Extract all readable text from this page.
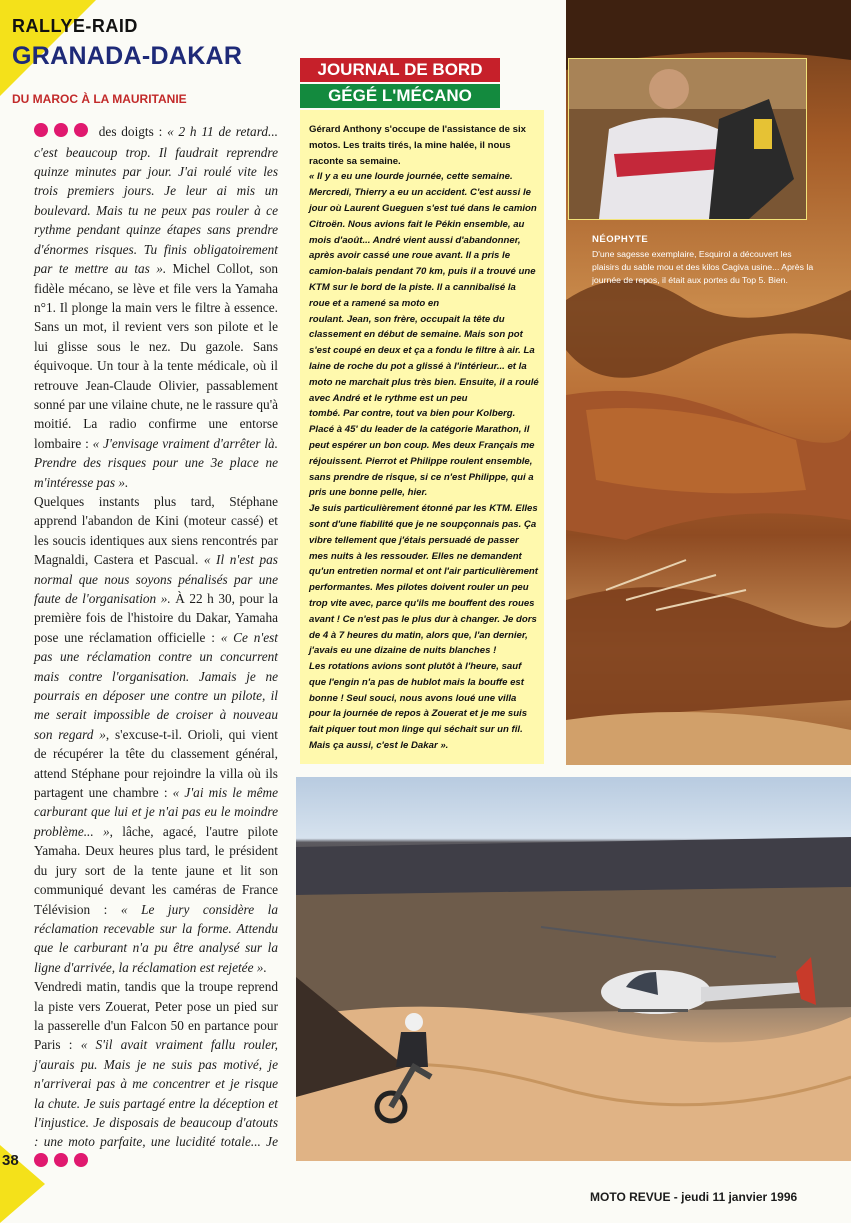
RALLYE-RAID
GRANADA-DAKAR
DU MAROC À LA MAURITANIE

des doigts : « 2 h 11 de retard... c'est beaucoup trop. Il faudrait reprendre quinze minutes par jour. J'ai roulé vite les trois premiers jours. Je leur ai mis un boulevard. Mais tu ne peux pas rouler à ce rythme pendant quinze étapes sans prendre d'énormes risques. Tu finis obligatoirement par te mettre au tas ». Michel Collot, son fidèle mécano, se lève et file vers la Yamaha n°1. Il plonge la main vers le filtre à essence. Sans un mot, il revient vers son pilote et le lui glisse sous le nez. Du gazole. Sans équivoque. Un tour à la tente médicale, où il retrouve Jean-Claude Olivier, passablement sonné par une vilaine chute, ne le rassure qu'à moitié. La radio confirme une entorse lombaire : « J'envisage vraiment d'arrêter là. Prendre des risques pour une 3e place ne m'intéresse pas ».

Quelques instants plus tard, Stéphane apprend l'abandon de Kini (moteur cassé) et les soucis identiques aux siens rencontrés par Magnaldi, Castera et Pascual. « Il n'est pas normal que nous soyons pénalisés par une faute de l'organisation ». À 22 h 30, pour la première fois de l'histoire du Dakar, Yamaha pose une réclamation officielle : « Ce n'est pas une réclamation contre un concurrent mais contre l'organisation. Jamais je ne pourrais en déposer une contre un pilote, il me serait impossible de croiser à nouveau son regard », s'excuse-t-il. Orioli, qui vient de récupérer la tête du classement général, attend Stéphane pour rejoindre la villa où ils partagent une chambre : « J'ai mis le même carburant que lui et je n'ai pas eu le moindre problème... », lâche, agacé, l'autre pilote Yamaha. Deux heures plus tard, le président du jury sort de la tente jaune et lit son communiqué devant les caméras de France Télévision : « Le jury considère la réclamation recevable sur la forme. Attendu que le carburant n'a pu être analysé sur la ligne d'arrivée, la réclamation est rejetée ».

Vendredi matin, tandis que la troupe reprend la piste vers Zouerat, Peter pose un pied sur la passerelle d'un Falcon 50 en partance pour Paris : « S'il avait vraiment fallu rouler, j'aurais pu. Mais je ne suis pas motivé, je n'arriverai pas à me concentrer et je risque la chute. Je suis partagé entre la déception et l'injustice. Je disposais de beaucoup d'atouts : une moto parfaite, une lucidité totale... Je

JOURNAL DE BORD
GÉGÉ L'MÉCANO

Gérard Anthony s'occupe de l'assistance de six motos. Les traits tirés, la mine halée, il nous raconte sa semaine.

« Il y a eu une lourde journée, cette semaine. Mercredi, Thierry a eu un accident. C'est aussi le jour où Laurent Gueguen s'est tué dans le camion Citroën. Nous avions fait le Pékin ensemble, au mois d'août... André vient aussi d'abandonner, après avoir cassé une roue avant. Il a pris le camion-balais pendant 70 km, puis il a trouvé une KTM sur le bord de la piste. Il a cannibalisé la roue et a ramené sa moto en

roulant. Jean, son frère, occupait la tête du classement en début de semaine. Mais son pot s'est coupé en deux et ça a fondu le filtre à air. La laine de roche du pot a glissé à l'intérieur... et la moto ne marchait plus très bien. Ensuite, il a roulé avec André et le rythme est un peu

tombé. Par contre, tout va bien pour Kolberg. Placé à 45' du leader de la catégorie Marathon, il peut espérer un bon coup. Mes deux Français me réjouissent. Pierrot et Philippe roulent ensemble, sans prendre de risque, si ce n'est Philippe, qui a pris une bonne pelle, hier.

Je suis particulièrement étonné par les KTM. Elles sont d'une fiabilité que je ne soupçonnais pas. Ça vibre tellement que j'étais persuadé de passer mes nuits à les ressouder. Elles ne demandent qu'un entretien normal et ont l'air particulièrement performantes. Mes pilotes doivent rouler un peu trop vite avec, parce qu'ils me bouffent des roues avant ! Ce n'est pas le plus dur à changer. Je dors de 4 à 7 heures du matin, alors que, l'an dernier, j'avais eu une dizaine de nuits blanches !

Les rotations avions sont plutôt à l'heure, sauf que l'engin n'a pas de hublot mais la bouffe est bonne ! Seul souci, nous avons loué une villa pour la journée de repos à Zouerat et je me suis fait piquer tout mon linge qui séchait sur un fil. Mais ça aussi, c'est le Dakar ».

NÉOPHYTE
D'une sagesse exemplaire, Esquirol a découvert les plaisirs du sable mou et des kilos Cagiva usine... Après la journée de repos, il était aux portes du Top 5. Bien.
38
MOTO REVUE - jeudi 11 janvier 1996
